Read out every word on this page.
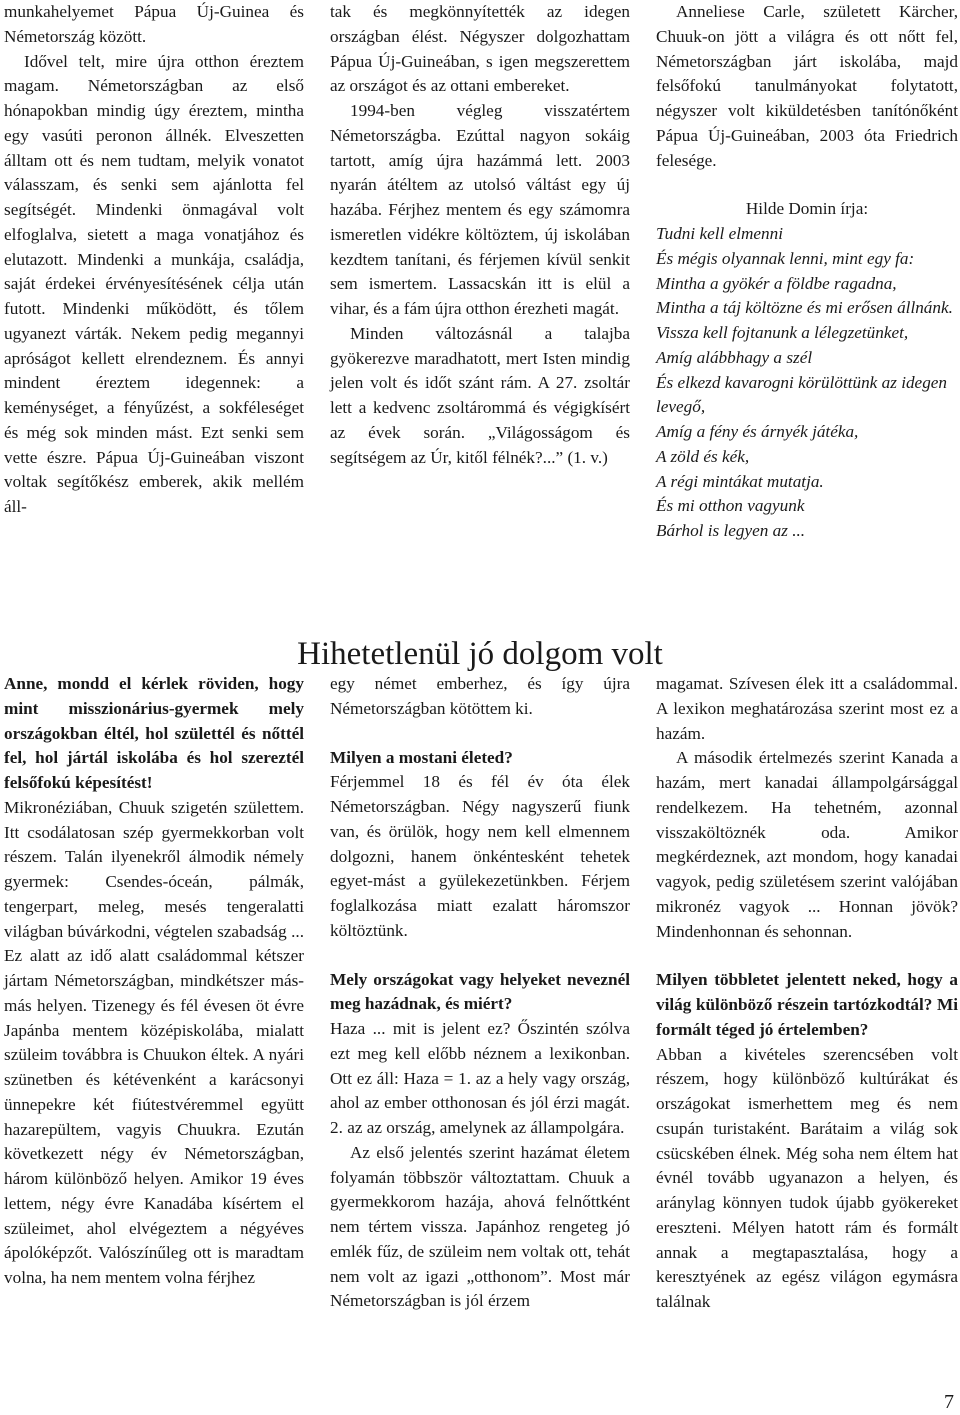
munkahelyemet Pápua Új-Guinea és Németország között.

Idővel telt, mire újra otthon éreztem magam. Németországban az első hónapokban mindig úgy éreztem, mintha egy vasúti peronon állnék. Elveszetten álltam ott és nem tudtam, melyik vonatot válasszam, és senki sem ajánlotta fel segítségét. Mindenki önmagával volt elfoglalva, sietett a maga vonatjához és elutazott. Mindenki a munkája, családja, saját érdekei érvényesítésének célja után futott. Mindenki működött, és tőlem ugyanezt várták. Nekem pedig megannyi apróságot kellett elrendeznem. És annyi mindent éreztem idegennek: a keménységet, a fényűzést, a sokféleséget és még sok minden mást. Ezt senki sem vette észre. Pápua Új-Guineában viszont voltak segítőkész emberek, akik mellém áll-

tak és megkönnyítették az idegen országban élést. Négyszer dolgozhattam Pápua Új-Guineában, s igen megszerettem az országot és az ottani embereket.

1994-ben végleg visszatértem Németországba. Ezúttal nagyon sokáig tartott, amíg újra hazámmá lett. 2003 nyarán átéltem az utolsó váltást egy új hazába. Férjhez mentem és egy számomra ismeretlen vidékre költöztem, új iskolában kezdtem tanítani, és férjemen kívül senkit sem ismertem. Lassacskán itt is elül a vihar, és a fám újra otthon érezheti magát.

Minden változásnál a talajba gyökerezve maradhatott, mert Isten mindig jelen volt és időt szánt rám. A 27. zsoltár lett a kedvenc zsoltárommá és végigkísért az évek során. „Világosságom és segítségem az Úr, kitől félnék?...” (1. v.)

Anneliese Carle, született Kärcher, Chuuk-on jött a világra és ott nőtt fel, Németországban járt iskolába, majd felsőfokú tanulmányokat folytatott, négyszer volt kiküldetésben tanítónőként Pápua Új-Guineában, 2003 óta Friedrich felesége.

Hilde Domin írja:

Tudni kell elmenni

És mégis olyannak lenni, mint egy fa:

Mintha a gyökér a földbe ragadna,

Mintha a táj költözne és mi erősen állnánk.

Vissza kell fojtanunk a lélegzetünket,

Amíg alábbhagy a szél

És elkezd kavarogni körülöttünk az idegen levegő,

Amíg a fény és árnyék játéka,

A zöld és kék,

A régi mintákat mutatja.

És mi otthon vagyunk

Bárhol is legyen az ...

Hihetetlenül jó dolgom volt

Anne, mondd el kérlek röviden, hogy mint misszionárius-gyermek mely országokban éltél, hol születtél és nőttél fel, hol jártál iskolába és hol szereztél felsőfokú képesítést!

Mikronéziában, Chuuk szigetén születtem. Itt csodálatosan szép gyermekkorban volt részem. Talán ilyenekről álmodik némely gyermek: Csendes-óceán, pálmák, tengerpart, meleg, mesés tengeralatti világban búvárkodni, végtelen szabadság ... Ez alatt az idő alatt családommal kétszer jártam Németországban, mindkétszer más-más helyen. Tizenegy és fél évesen öt évre Japánba mentem középiskolába, mialatt szüleim továbbra is Chuukon éltek. A nyári szünetben és kétévenként a karácsonyi ünnepekre két fiútestvéremmel együtt hazarepültem, vagyis Chuukra. Ezután következett négy év Németországban, három különböző helyen. Amikor 19 éves lettem, négy évre Kanadába kísértem el szüleimet, ahol elvégeztem a négyéves ápolóképzőt. Valószínűleg ott is maradtam volna, ha nem mentem volna férjhez

egy német emberhez, és így újra Németországban kötöttem ki.

Milyen a mostani életed?

Férjemmel 18 és fél év óta élek Németországban. Négy nagyszerű fiunk van, és örülök, hogy nem kell elmennem dolgozni, hanem önkéntesként tehetek egyet-mást a gyülekezetünkben. Férjem foglalkozása miatt ezalatt háromszor költöztünk.

Mely országokat vagy helyeket neveznél meg hazádnak, és miért?

Haza ... mit is jelent ez? Őszintén szólva ezt meg kell előbb néznem a lexikonban. Ott ez áll: Haza = 1. az a hely vagy ország, ahol az ember otthonosan és jól érzi magát. 2. az az ország, amelynek az állampolgára.

Az első jelentés szerint hazámat életem folyamán többször változtattam. Chuuk a gyermekkorom hazája, ahová felnőttként nem tértem vissza. Japánhoz rengeteg jó emlék fűz, de szüleim nem voltak ott, tehát nem volt az igazi „otthonom”. Most már Németországban is jól érzem

magamat. Szívesen élek itt a családommal. A lexikon meghatározása szerint most ez a hazám.

A második értelmezés szerint Kanada a hazám, mert kanadai állampolgársággal rendelkezem. Ha tehetném, azonnal visszaköltöznék oda. Amikor megkérdeznek, azt mondom, hogy kanadai vagyok, pedig születésem szerint valójában mikronéz vagyok ... Honnan jövök? Mindenhonnan és sehonnan.

Milyen többletet jelentett neked, hogy a világ különböző részein tartózkodtál? Mi formált téged jó értelemben?

Abban a kivételes szerencsében volt részem, hogy különböző kultúrákat és országokat ismerhettem meg és nem csupán turistaként. Barátaim a világ sok csücskében élnek. Még soha nem éltem hat évnél tovább ugyanazon a helyen, és aránylag könnyen tudok újabb gyökereket ereszteni. Mélyen hatott rám és formált annak a megtapasztalása, hogy a keresztyének az egész világon egymásra találnak

7
